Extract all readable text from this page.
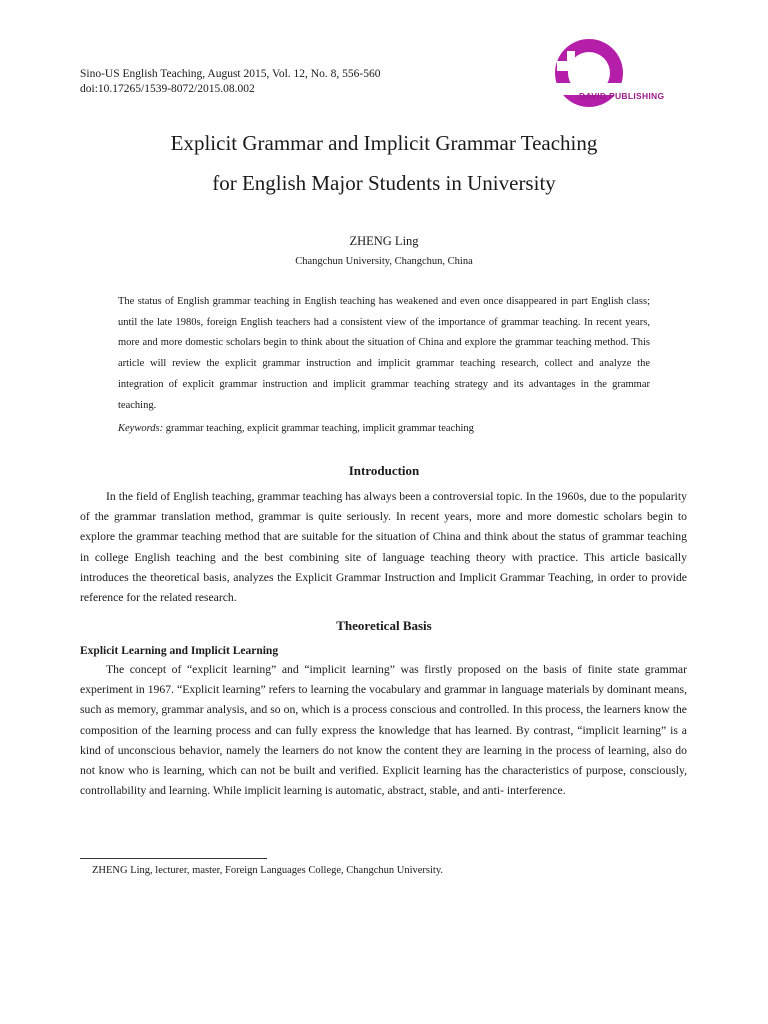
Sino-US English Teaching, August 2015, Vol. 12, No. 8, 556-560
doi:10.17265/1539-8072/2015.08.002
DAVID PUBLISHING
Explicit Grammar and Implicit Grammar Teaching
for English Major Students in University
ZHENG Ling
Changchun University, Changchun, China
The status of English grammar teaching in English teaching has weakened and even once disappeared in part English class; until the late 1980s, foreign English teachers had a consistent view of the importance of grammar teaching. In recent years, more and more domestic scholars begin to think about the situation of China and explore the grammar teaching method. This article will review the explicit grammar instruction and implicit grammar teaching research, collect and analyze the integration of explicit grammar instruction and implicit grammar teaching strategy and its advantages in the grammar teaching.
Keywords: grammar teaching, explicit grammar teaching, implicit grammar teaching
Introduction
In the field of English teaching, grammar teaching has always been a controversial topic. In the 1960s, due to the popularity of the grammar translation method, grammar is quite seriously. In recent years, more and more domestic scholars begin to explore the grammar teaching method that are suitable for the situation of China and think about the status of grammar teaching in college English teaching and the best combining site of language teaching theory with practice. This article basically introduces the theoretical basis, analyzes the Explicit Grammar Instruction and Implicit Grammar Teaching, in order to provide reference for the related research.
Theoretical Basis
Explicit Learning and Implicit Learning
The concept of “explicit learning” and “implicit learning” was firstly proposed on the basis of finite state grammar experiment in 1967. “Explicit learning” refers to learning the vocabulary and grammar in language materials by dominant means, such as memory, grammar analysis, and so on, which is a process conscious and controlled. In this process, the learners know the composition of the learning process and can fully express the knowledge that has learned. By contrast, “implicit learning” is a kind of unconscious behavior, namely the learners do not know the content they are learning in the process of learning, also do not know who is learning, which can not be built and verified. Explicit learning has the characteristics of purpose, consciously, controllability and learning. While implicit learning is automatic, abstract, stable, and anti- interference.
ZHENG Ling, lecturer, master, Foreign Languages College, Changchun University.
